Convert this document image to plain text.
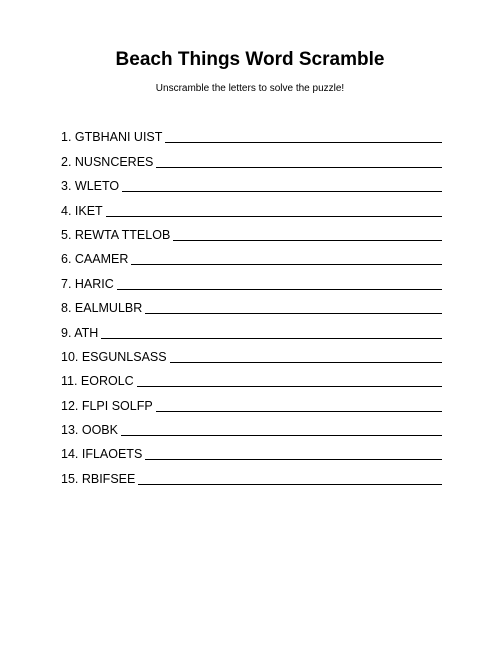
Beach Things Word Scramble
Unscramble the letters to solve the puzzle!
1. GTBHANI UIST
2. NUSNCERES
3. WLETO
4. IKET
5. REWTA TTELOB
6. CAAMER
7. HARIC
8. EALMULBR
9. ATH
10. ESGUNLSASS
11. EOROLC
12. FLPI SOLFP
13. OOBK
14. IFLAOETS
15. RBIFSEE
